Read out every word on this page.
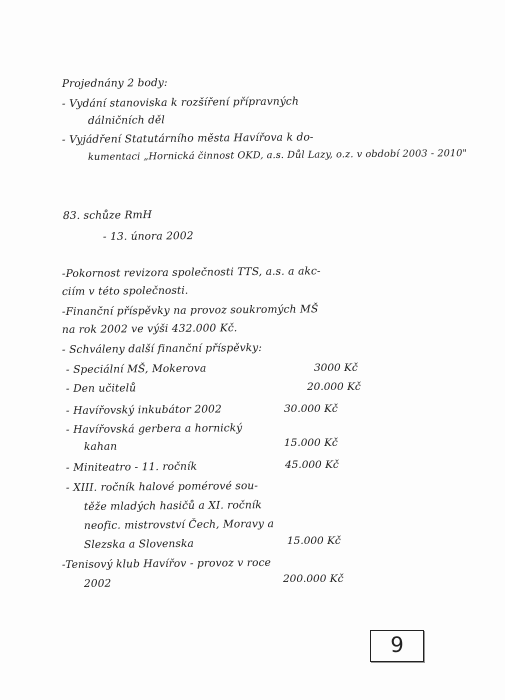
Projednány 2 body:
- Vydání stanoviska k rozšíření přípravných
dálničních děl
- Vyjádření Statutárního města Havířova k do-
kumentaci „Hornická činnost OKD, a.s. Důl Lazy, o.z. v období 2003 - 2010"
83. schůze RmH
- 13. února 2002
-Pokornost revizora společnosti TTS, a.s. a akc-
ciím v této společnosti.
-Finanční příspěvky na provoz soukromých MŠ
na rok 2002 ve výši 432.000 Kč.
- Schváleny další finanční příspěvky:
- Speciální MŠ, Mokerova	3000 Kč
- Den učitelů	20.000 Kč
- Havířovský inkubátor 2002	30.000 Kč
- Havířovská gerbera a hornický
kahan	15.000 Kč
- Miniteatro - 11. ročník	45.000 Kč
- XIII. ročník halové pomérové sou-
těže mladých hasičů a XI. ročník
neofic. mistrovství Čech, Moravy a
Slezska a Slovenska	15.000 Kč
-Tenisový klub Havířov - provoz v roce
2002	200.000 Kč
9
